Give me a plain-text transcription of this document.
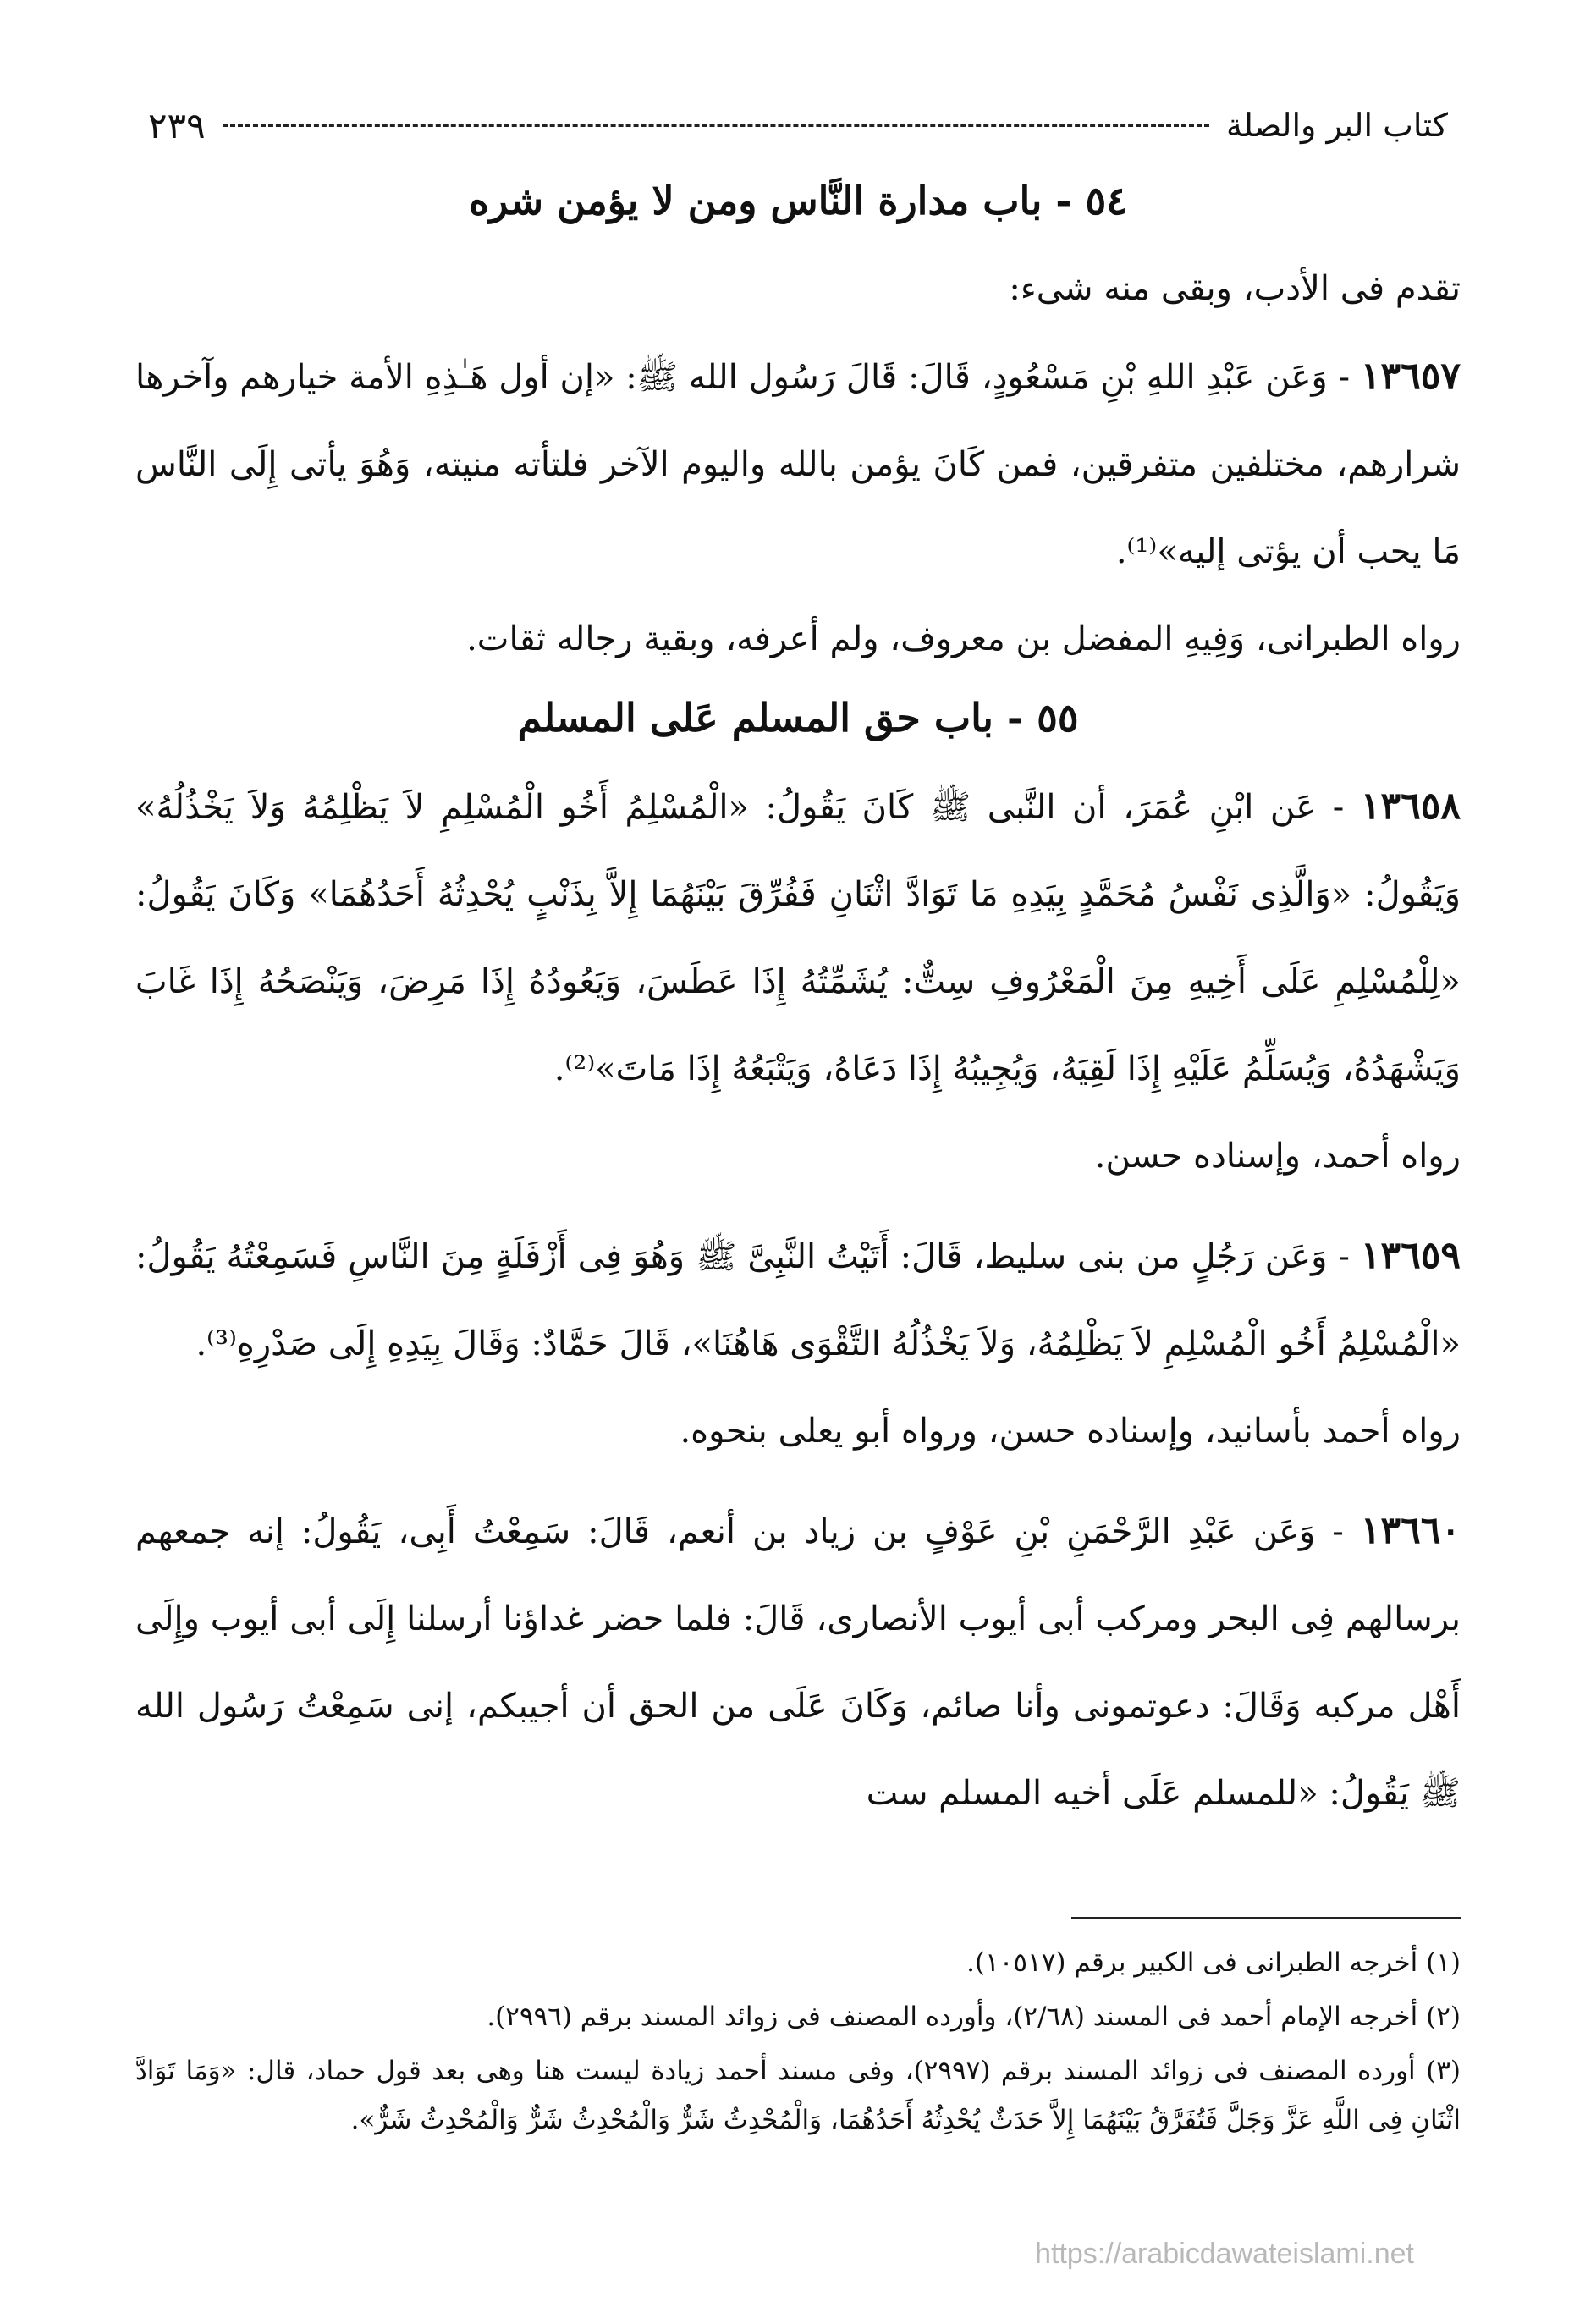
كتاب البر والصلة
٢٣٩
٥٤ - باب مدارة النَّاس ومن لا يؤمن شره

تقدم فى الأدب، وبقى منه شىء:

١٣٦٥٧ - وَعَن عَبْدِ اللهِ بْنِ مَسْعُودٍ، قَالَ: قَالَ رَسُول الله ﷺ: «إن أول هَـٰذِهِ الأمة خيارهم وآخرها شرارهم، مختلفين متفرقين، فمن كَانَ يؤمن بالله واليوم الآخر فلتأته منيته، وَهُوَ يأتى إِلَى النَّاس مَا يحب أن يؤتى إليه»⁽¹⁾.

رواه الطبرانى، وَفِيهِ المفضل بن معروف، ولم أعرفه، وبقية رجاله ثقات.

٥٥ - باب حق المسلم عَلى المسلم

١٣٦٥٨ - عَن ابْنِ عُمَرَ، أن النَّبى ﷺ كَانَ يَقُولُ: «الْمُسْلِمُ أَخُو الْمُسْلِمِ لاَ يَظْلِمُهُ وَلاَ يَخْذُلُهُ» وَيَقُولُ: «وَالَّذِى نَفْسُ مُحَمَّدٍ بِيَدِهِ مَا تَوَادَّ اثْنَانِ فَفُرِّقَ بَيْنَهُمَا إِلاَّ بِذَنْبٍ يُحْدِثُهُ أَحَدُهُمَا» وَكَانَ يَقُولُ: «لِلْمُسْلِمِ عَلَى أَخِيهِ مِنَ الْمَعْرُوفِ سِتٌّ: يُشَمِّتُهُ إِذَا عَطَسَ، وَيَعُودُهُ إِذَا مَرِضَ، وَيَنْصَحُهُ إِذَا غَابَ وَيَشْهَدُهُ، وَيُسَلِّمُ عَلَيْهِ إِذَا لَقِيَهُ، وَيُجِيبُهُ إِذَا دَعَاهُ، وَيَتْبَعُهُ إِذَا مَاتَ»⁽²⁾.

رواه أحمد، وإسناده حسن.

١٣٦٥٩ - وَعَن رَجُلٍ من بنى سليط، قَالَ: أَتَيْتُ النَّبِىَّ ﷺ وَهُوَ فِى أَزْفَلَةٍ مِنَ النَّاسِ فَسَمِعْتُهُ يَقُولُ: «الْمُسْلِمُ أَخُو الْمُسْلِمِ لاَ يَظْلِمُهُ، وَلاَ يَخْذُلُهُ التَّقْوَى هَاهُنَا»، قَالَ حَمَّادٌ: وَقَالَ بِيَدِهِ إِلَى صَدْرِهِ⁽³⁾.

رواه أحمد بأسانيد، وإسناده حسن، ورواه أبو يعلى بنحوه.

١٣٦٦٠ - وَعَن عَبْدِ الرَّحْمَنِ بْنِ عَوْفٍ بن زياد بن أنعم، قَالَ: سَمِعْتُ أَبِى، يَقُولُ: إنه جمعهم برسالهم فِى البحر ومركب أبى أيوب الأنصارى، قَالَ: فلما حضر غداؤنا أرسلنا إِلَى أبى أيوب وإِلَى أَهْل مركبه وَقَالَ: دعوتمونى وأنا صائم، وَكَانَ عَلَى من الحق أن أجيبكم، إنى سَمِعْتُ رَسُول الله ﷺ يَقُولُ: «للمسلم عَلَى أخيه المسلم ست

(١) أخرجه الطبرانى فى الكبير برقم (١٠٥١٧).

(٢) أخرجه الإمام أحمد فى المسند (٢/٦٨)، وأورده المصنف فى زوائد المسند برقم (٢٩٩٦).

(٣) أورده المصنف فى زوائد المسند برقم (٢٩٩٧)، وفى مسند أحمد زيادة ليست هنا وهى بعد قول حماد، قال: «وَمَا تَوَادَّ اثْنَانِ فِى اللَّهِ عَزَّ وَجَلَّ فَتُفَرَّقُ بَيْنَهُمَا إِلاَّ حَدَثٌ يُحْدِثُهُ أَحَدُهُمَا، وَالْمُحْدِثُ شَرٌّ وَالْمُحْدِثُ شَرٌّ وَالْمُحْدِثُ شَرٌّ».

https://arabicdawateislami.net
